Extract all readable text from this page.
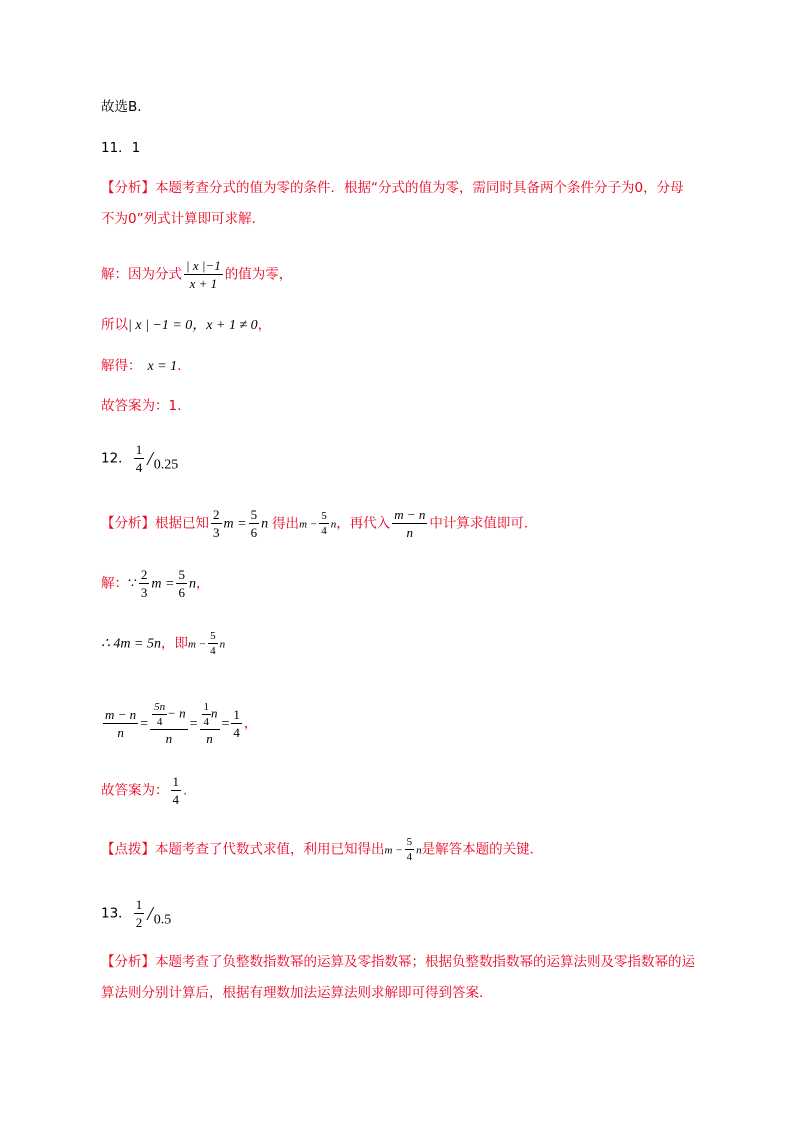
故选B.
11．1
【分析】本题考查分式的值为零的条件．根据“分式的值为零，需同时具备两个条件分子为0，分母
不为0”列式计算即可求解．
解：因为分式 $\frac{| x |-1}{x + 1}$ 的值为零，
所以| x | −1 = 0，x + 1 ≠ 0，
解得： x = 1.
故答案为：1.
12． $\frac{1}{4} /0.25$
【分析】根据已知 $\frac{2}{3}$ $m = \frac{5}{6}$ n 得出$m - \frac{5}{4}$ n，再代入 $\frac{m - n}{n}$ 中计算求值即可．
解：∵ $\frac{2}{3}$ $m = \frac{5}{6}$ n，
∴ 4m = 5n，即$m - \frac{5}{4}$ n
$\frac{m - n}{n} = \frac{\frac{5n}{4} - n}{n} = \frac{\frac{1}{4} n}{n} = \frac{1}{4}$ ，
故答案为： $\frac{1}{4}$ .
【点拨】本题考查了代数式求值，利用已知得出$m - \frac{5}{4}$ n是解答本题的关键．
13． $\frac{1}{2} /0.5$
【分析】本题考查了负整数指数幂的运算及零指数幂；根据负整数指数幂的运算法则及零指数幂的运
算法则分别计算后，根据有理数加法运算法则求解即可得到答案．
